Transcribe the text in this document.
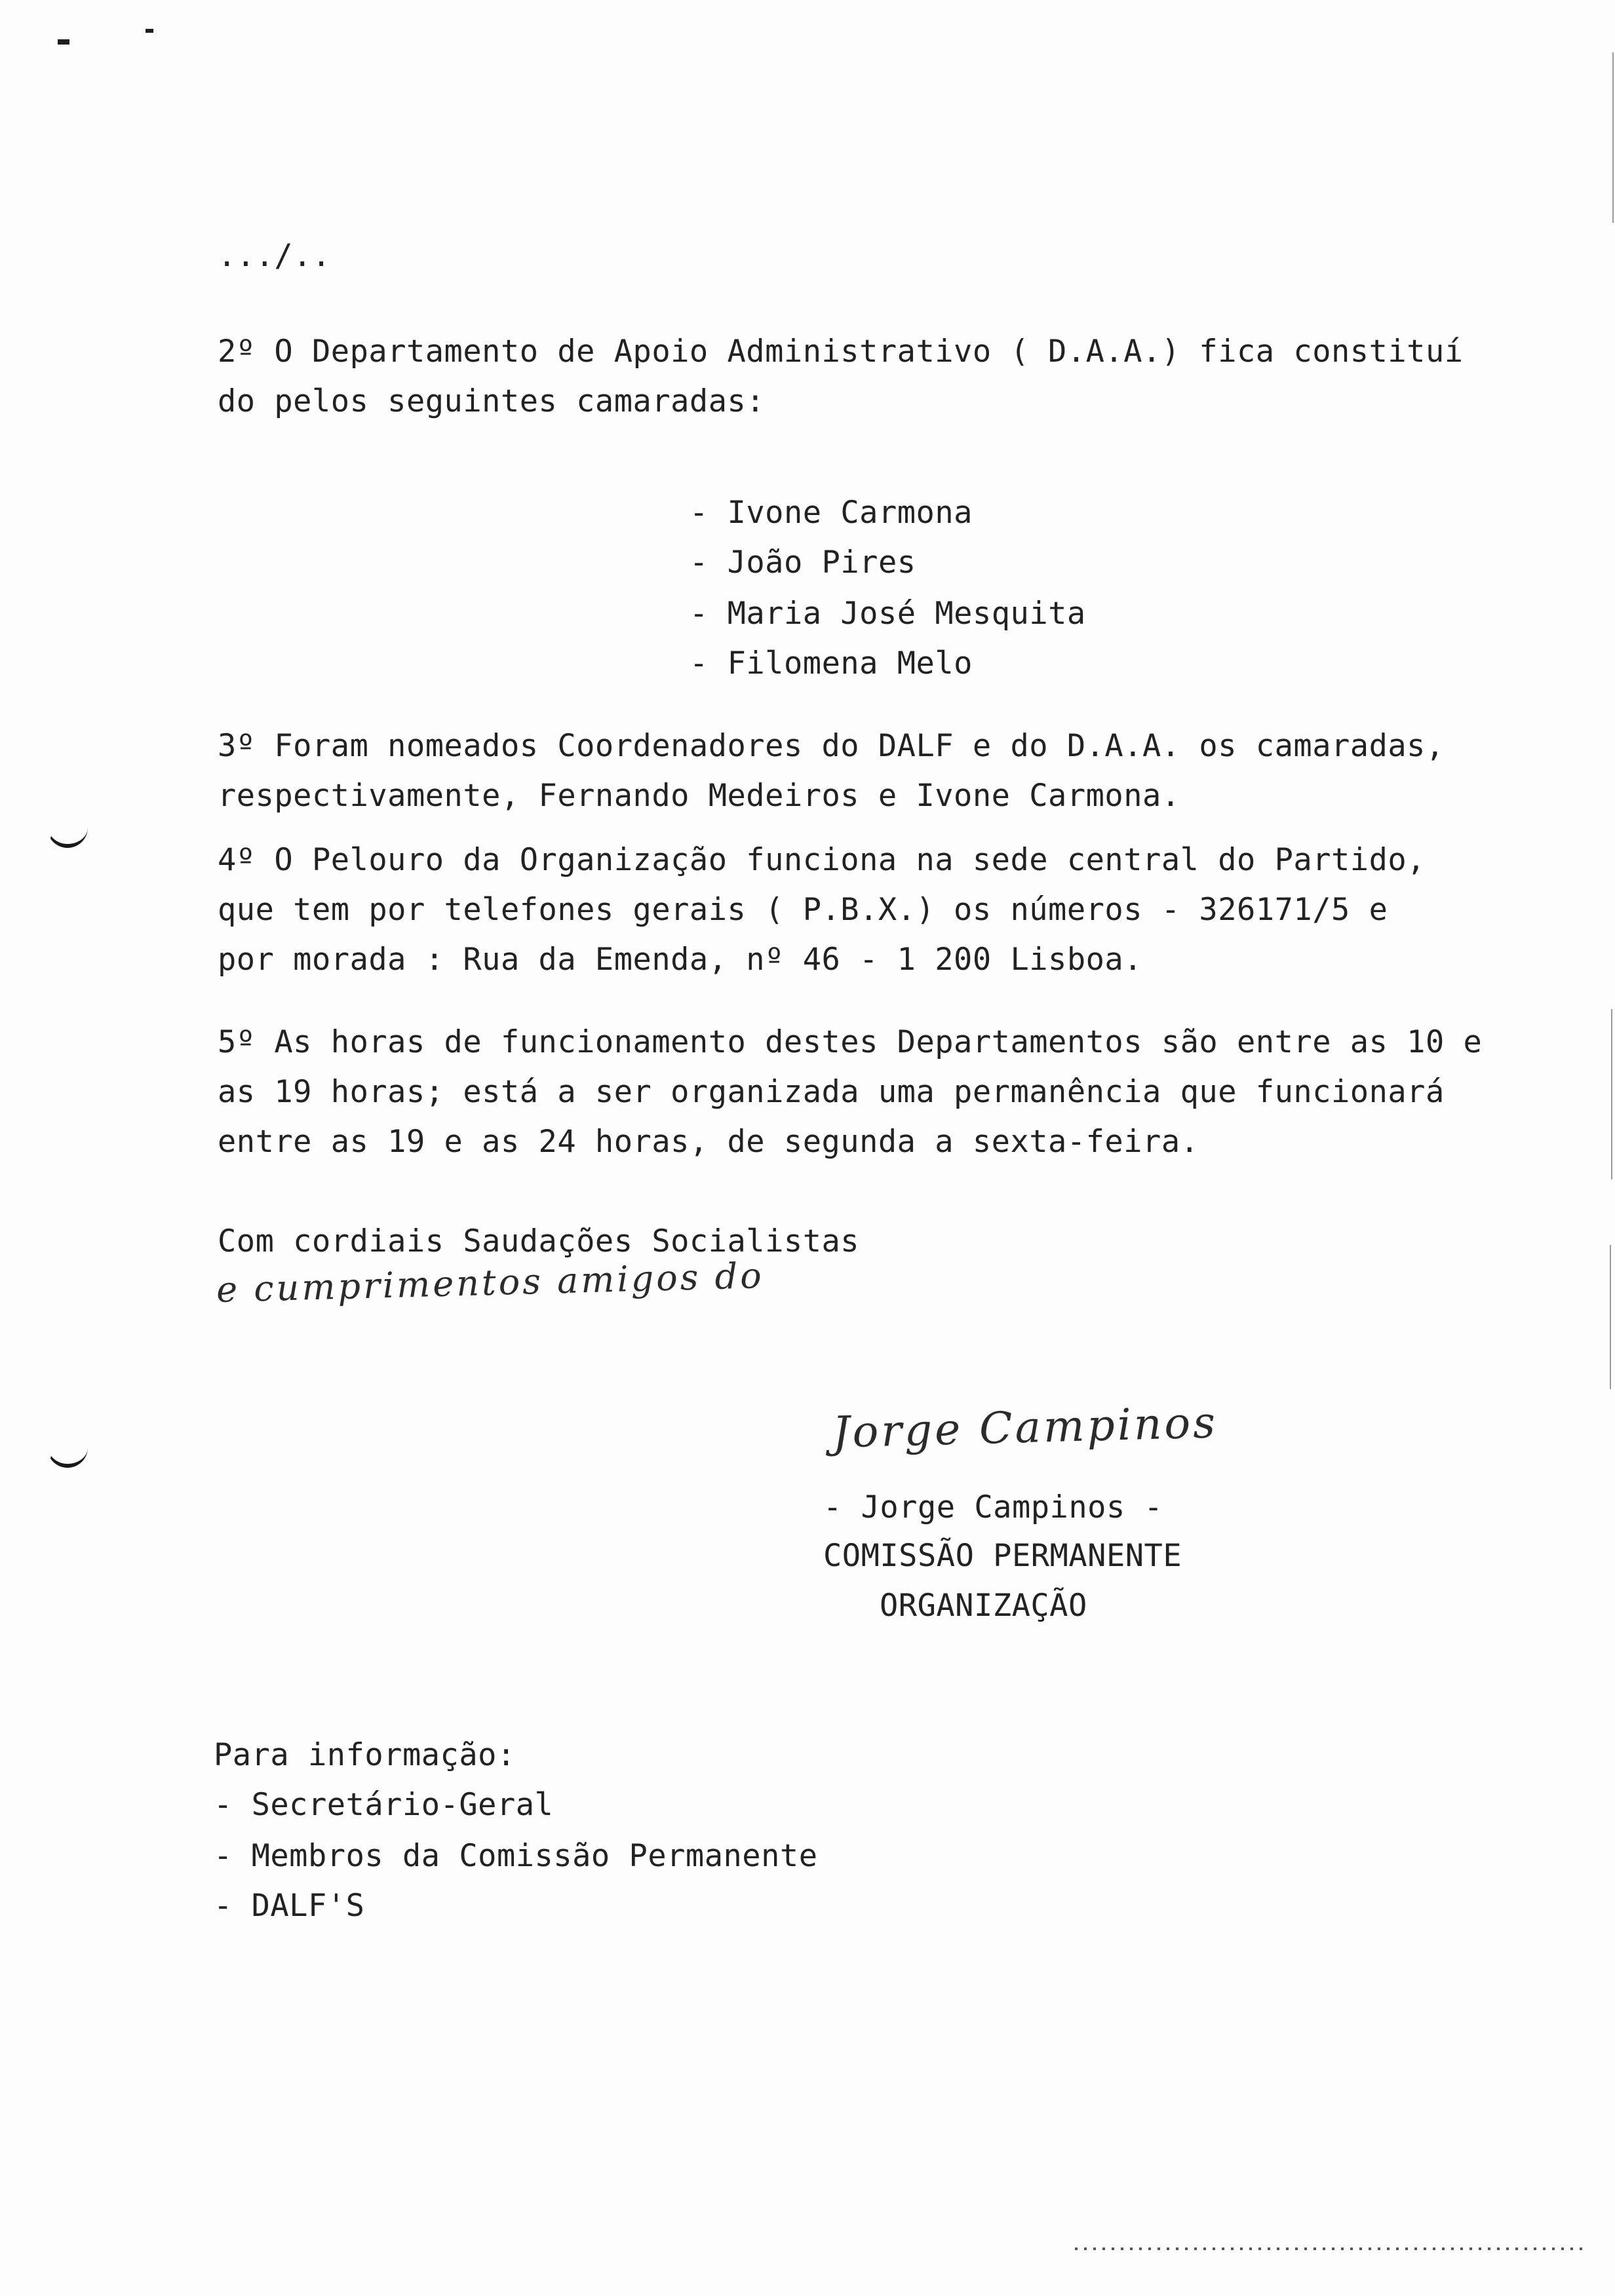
.../..
2º O Departamento de Apoio Administrativo ( D.A.A.) fica constituí
do pelos seguintes camaradas:
- Ivone Carmona
- João Pires
- Maria José Mesquita
- Filomena Melo
3º Foram nomeados Coordenadores do DALF e do D.A.A. os camaradas,
respectivamente, Fernando Medeiros e Ivone Carmona.
4º O Pelouro da Organização funciona na sede central do Partido,
que tem por telefones gerais ( P.B.X.) os números - 326171/5 e
por morada : Rua da Emenda, nº 46 - 1 200 Lisboa.
5º As horas de funcionamento destes Departamentos são entre as 10 e
as 19 horas; está a ser organizada uma permanência que funcionará
entre as 19 e as 24 horas, de segunda a sexta-feira.
Com cordiais Saudações Socialistas
e cumprimentos amigos do
Jorge Campinos
- Jorge Campinos -
COMISSÃO PERMANENTE
ORGANIZAÇÃO
Para informação:
- Secretário-Geral
- Membros da Comissão Permanente
- DALF'S
